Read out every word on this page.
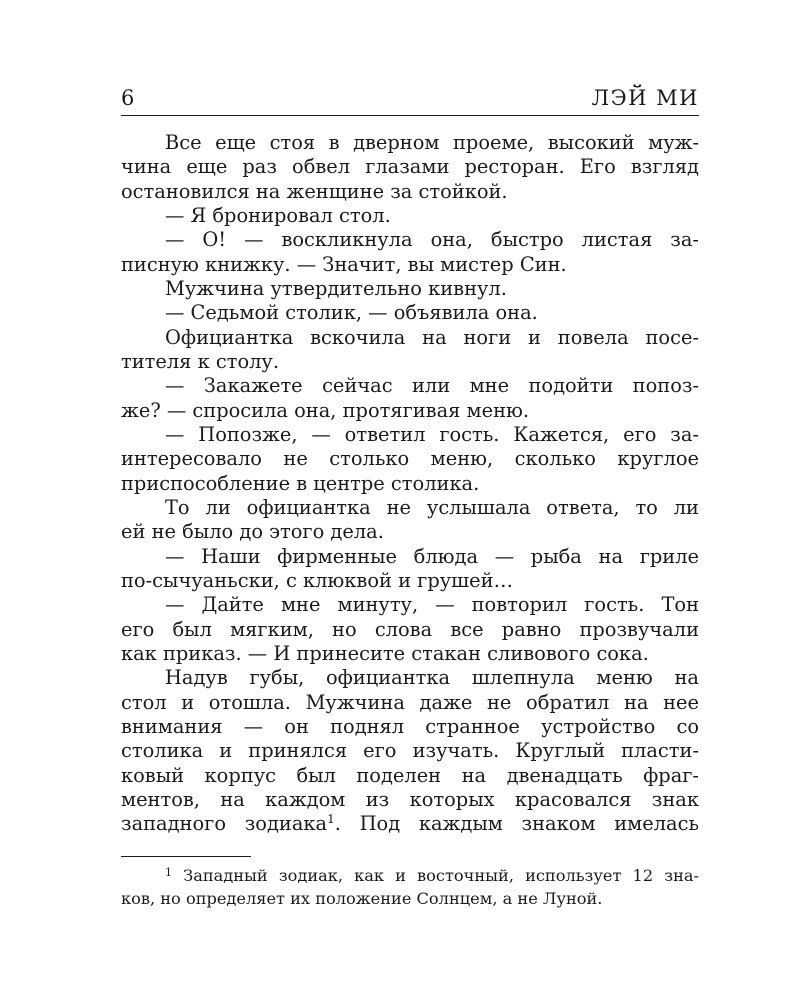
6	ЛЭЙ МИ
Все еще стоя в дверном проеме, высокий муж-
чина еще раз обвел глазами ресторан. Его взгляд
остановился на женщине за стойкой.
— Я бронировал стол.
— О! — воскликнула она, быстро листая за-
писную книжку. — Значит, вы мистер Син.
Мужчина утвердительно кивнул.
— Седьмой столик, — объявила она.
Официантка вскочила на ноги и повела посе-
тителя к столу.
— Закажете сейчас или мне подойти попоз-
же? — спросила она, протягивая меню.
— Попозже, — ответил гость. Кажется, его за-
интересовало не столько меню, сколько круглое
приспособление в центре столика.
То ли официантка не услышала ответа, то ли
ей не было до этого дела.
— Наши фирменные блюда — рыба на гриле
по-сычуаньски, с клюквой и грушей…
— Дайте мне минуту, — повторил гость. Тон
его был мягким, но слова все равно прозвучали
как приказ. — И принесите стакан сливового сока.
Надув губы, официантка шлепнула меню на
стол и отошла. Мужчина даже не обратил на нее
внимания — он поднял странное устройство со
столика и принялся его изучать. Круглый пласти-
ковый корпус был поделен на двенадцать фраг-
ментов, на каждом из которых красовался знак
западного зодиака$^1$. Под каждым знаком имелась
$^1$ Западный зодиак, как и восточный, использует 12 зна-
ков, но определяет их положение Солнцем, а не Луной.
